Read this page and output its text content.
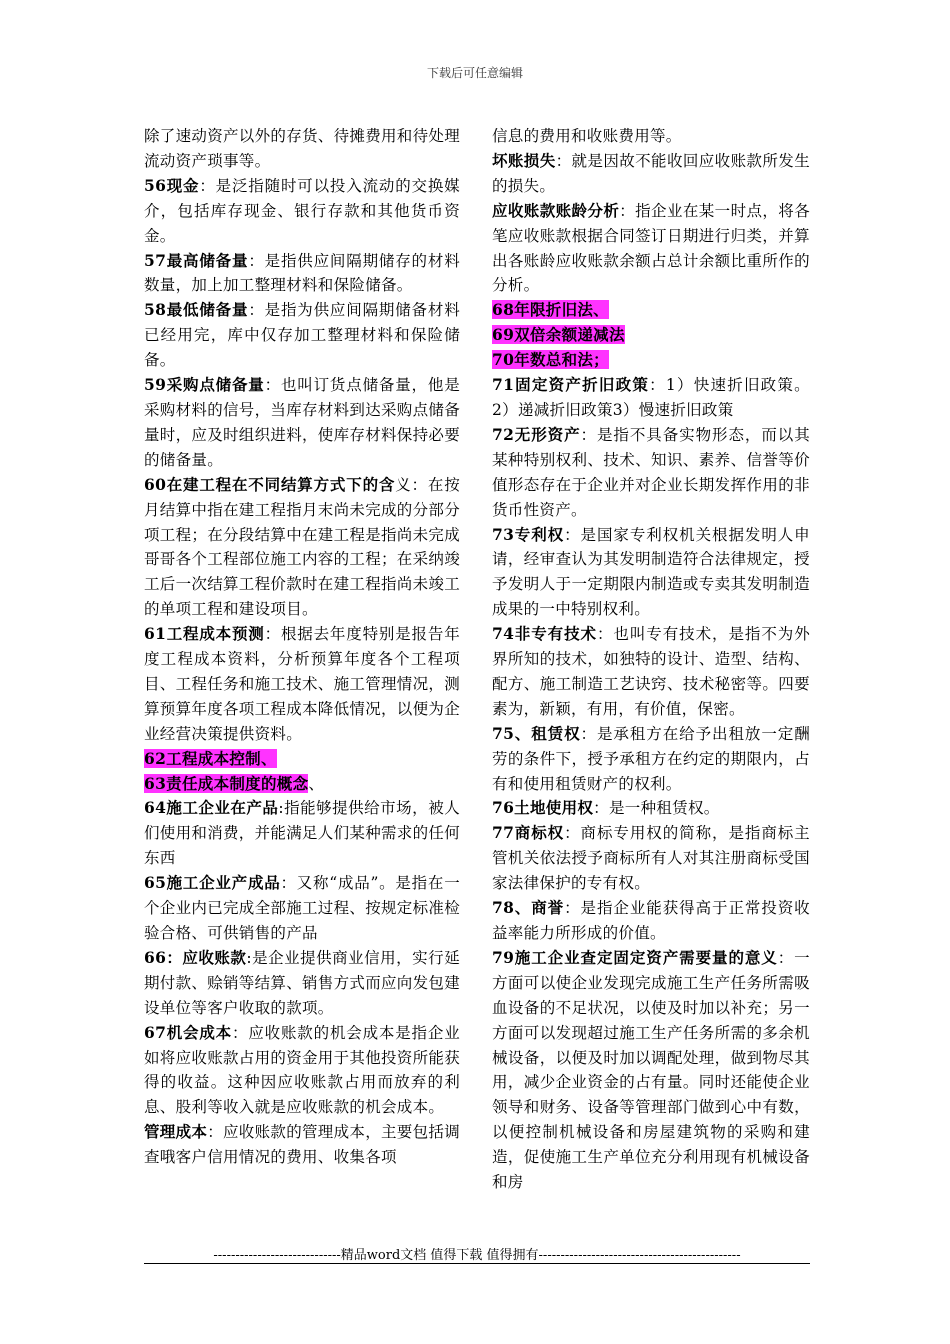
下载后可任意编辑

除了速动资产以外的存货、待摊费用和待处理流动资产琐事等。

56现金：是泛指随时可以投入流动的交换媒介，包括库存现金、银行存款和其他货币资金。

57最高储备量：是指供应间隔期储存的材料数量，加上加工整理材料和保险储备。

58最低储备量：是指为供应间隔期储备材料已经用完，库中仅存加工整理材料和保险储备。

59采购点储备量：也叫订货点储备量，他是采购材料的信号，当库存材料到达采购点储备量时，应及时组织进料，使库存材料保持必要的储备量。

60在建工程在不同结算方式下的含义：在按月结算中指在建工程指月末尚未完成的分部分项工程；在分段结算中在建工程是指尚未完成哥哥各个工程部位施工内容的工程；在采纳竣工后一次结算工程价款时在建工程指尚未竣工的单项工程和建设项目。

61工程成本预测：根据去年度特别是报告年度工程成本资料，分析预算年度各个工程项目、工程任务和施工技术、施工管理情况，测算预算年度各项工程成本降低情况，以便为企业经营决策提供资料。

62工程成本控制、

63责任成本制度的概念、

64施工企业在产品:指能够提供给市场，被人们使用和消费，并能满足人们某种需求的任何东西

65施工企业产成品：又称“成品”。是指在一个企业内已完成全部施工过程、按规定标准检验合格、可供销售的产品

66：应收账款:是企业提供商业信用，实行延期付款、赊销等结算、销售方式而应向发包建设单位等客户收取的款项。

67机会成本：应收账款的机会成本是指企业如将应收账款占用的资金用于其他投资所能获得的收益。这种因应收账款占用而放弃的利息、股利等收入就是应收账款的机会成本。

管理成本：应收账款的管理成本，主要包括调查哦客户信用情况的费用、收集各项

信息的费用和收账费用等。

坏账损失：就是因故不能收回应收账款所发生的损失。

应收账款账龄分析：指企业在某一时点，将各笔应收账款根据合同签订日期进行归类，并算出各账龄应收账款余额占总计余额比重所作的分析。

68年限折旧法、

69双倍余额递减法

70年数总和法；

71固定资产折旧政策：1）快速折旧政策。2）递减折旧政策3）慢速折旧政策

72无形资产：是指不具备实物形态，而以其某种特别权利、技术、知识、素养、信誉等价值形态存在于企业并对企业长期发挥作用的非货币性资产。

73专利权：是国家专利权机关根据发明人申请，经审查认为其发明制造符合法律规定，授予发明人于一定期限内制造或专卖其发明制造成果的一中特别权利。

74非专有技术：也叫专有技术，是指不为外界所知的技术，如独特的设计、造型、结构、配方、施工制造工艺诀窍、技术秘密等。四要素为，新颖，有用，有价值，保密。

75、租赁权：是承租方在给予出租放一定酬劳的条件下，授予承租方在约定的期限内，占有和使用租赁财产的权利。

76土地使用权：是一种租赁权。

77商标权：商标专用权的简称，是指商标主管机关依法授予商标所有人对其注册商标受国家法律保护的专有权。

78、商誉：是指企业能获得高于正常投资收益率能力所形成的价值。

79施工企业查定固定资产需要量的意义：一方面可以使企业发现完成施工生产任务所需吸血设备的不足状况，以使及时加以补充；另一方面可以发现超过施工生产任务所需的多余机械设备，以便及时加以调配处理，做到物尽其用，减少企业资金的占有量。同时还能使企业领导和财务、设备等管理部门做到心中有数，以便控制机械设备和房屋建筑物的采购和建造，促使施工生产单位充分利用现有机械设备和房

-----------------------------精品word文档 值得下载 值得拥有----------------------------------------------
